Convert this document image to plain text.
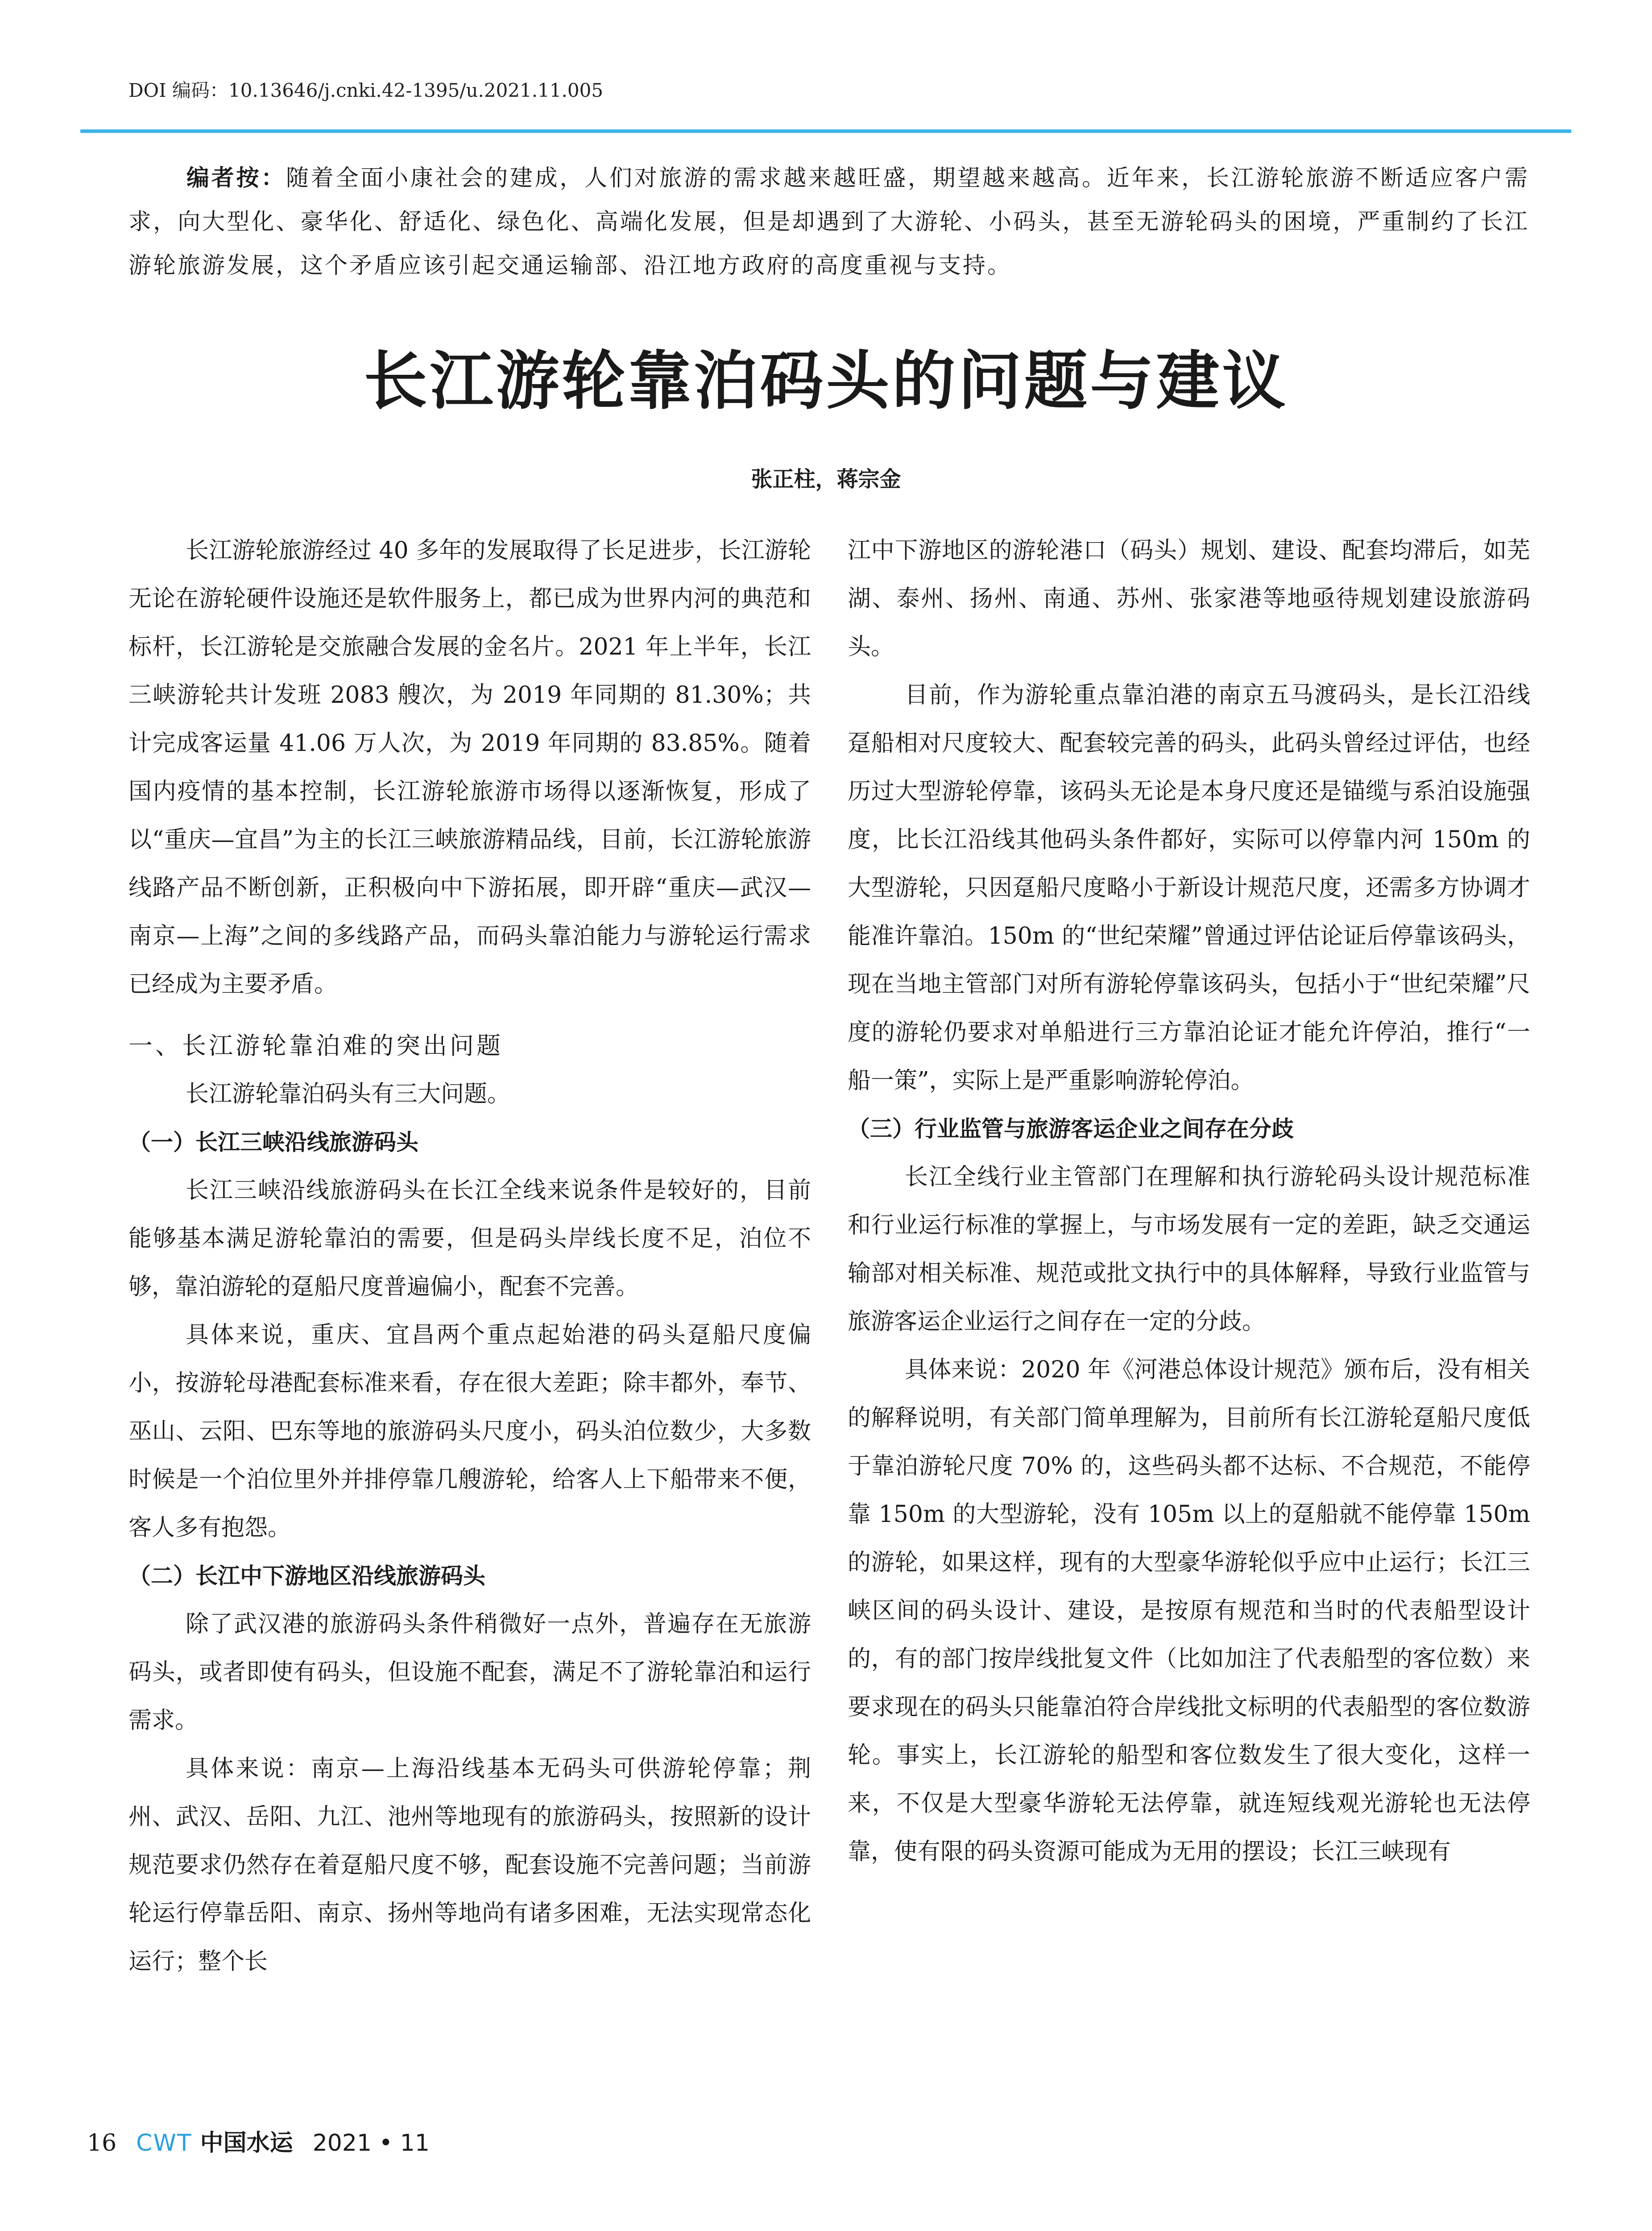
DOI 编码：10.13646/j.cnki.42-1395/u.2021.11.005
编者按：随着全面小康社会的建成，人们对旅游的需求越来越旺盛，期望越来越高。近年来，长江游轮旅游不断适应客户需求，向大型化、豪华化、舒适化、绿色化、高端化发展，但是却遇到了大游轮、小码头，甚至无游轮码头的困境，严重制约了长江游轮旅游发展，这个矛盾应该引起交通运输部、沿江地方政府的高度重视与支持。
长江游轮靠泊码头的问题与建议
张正柱，蒋宗金

长江游轮旅游经过 40 多年的发展取得了长足进步，长江游轮无论在游轮硬件设施还是软件服务上，都已成为世界内河的典范和标杆，长江游轮是交旅融合发展的金名片。2021 年上半年，长江三峡游轮共计发班 2083 艘次，为 2019 年同期的 81.30%；共计完成客运量 41.06 万人次，为 2019 年同期的 83.85%。随着国内疫情的基本控制，长江游轮旅游市场得以逐渐恢复，形成了以“重庆—宜昌”为主的长江三峡旅游精品线，目前，长江游轮旅游线路产品不断创新，正积极向中下游拓展，即开辟“重庆—武汉—南京—上海”之间的多线路产品，而码头靠泊能力与游轮运行需求已经成为主要矛盾。

一、长江游轮靠泊难的突出问题

长江游轮靠泊码头有三大问题。

（一）长江三峡沿线旅游码头

长江三峡沿线旅游码头在长江全线来说条件是较好的，目前能够基本满足游轮靠泊的需要，但是码头岸线长度不足，泊位不够，靠泊游轮的趸船尺度普遍偏小，配套不完善。

具体来说，重庆、宜昌两个重点起始港的码头趸船尺度偏小，按游轮母港配套标准来看，存在很大差距；除丰都外，奉节、巫山、云阳、巴东等地的旅游码头尺度小，码头泊位数少，大多数时候是一个泊位里外并排停靠几艘游轮，给客人上下船带来不便，客人多有抱怨。

（二）长江中下游地区沿线旅游码头

除了武汉港的旅游码头条件稍微好一点外，普遍存在无旅游码头，或者即使有码头，但设施不配套，满足不了游轮靠泊和运行需求。

具体来说：南京—上海沿线基本无码头可供游轮停靠；荆州、武汉、岳阳、九江、池州等地现有的旅游码头，按照新的设计规范要求仍然存在着趸船尺度不够，配套设施不完善问题；当前游轮运行停靠岳阳、南京、扬州等地尚有诸多困难，无法实现常态化运行；整个长

江中下游地区的游轮港口（码头）规划、建设、配套均滞后，如芜湖、泰州、扬州、南通、苏州、张家港等地亟待规划建设旅游码头。

目前，作为游轮重点靠泊港的南京五马渡码头，是长江沿线趸船相对尺度较大、配套较完善的码头，此码头曾经过评估，也经历过大型游轮停靠，该码头无论是本身尺度还是锚缆与系泊设施强度，比长江沿线其他码头条件都好，实际可以停靠内河 150m 的大型游轮，只因趸船尺度略小于新设计规范尺度，还需多方协调才能准许靠泊。150m 的“世纪荣耀”曾通过评估论证后停靠该码头，现在当地主管部门对所有游轮停靠该码头，包括小于“世纪荣耀”尺度的游轮仍要求对单船进行三方靠泊论证才能允许停泊，推行“一船一策”，实际上是严重影响游轮停泊。

（三）行业监管与旅游客运企业之间存在分歧

长江全线行业主管部门在理解和执行游轮码头设计规范标准和行业运行标准的掌握上，与市场发展有一定的差距，缺乏交通运输部对相关标准、规范或批文执行中的具体解释，导致行业监管与旅游客运企业运行之间存在一定的分歧。

具体来说：2020 年《河港总体设计规范》颁布后，没有相关的解释说明，有关部门简单理解为，目前所有长江游轮趸船尺度低于靠泊游轮尺度 70% 的，这些码头都不达标、不合规范，不能停靠 150m 的大型游轮，没有 105m 以上的趸船就不能停靠 150m 的游轮，如果这样，现有的大型豪华游轮似乎应中止运行；长江三峡区间的码头设计、建设，是按原有规范和当时的代表船型设计的，有的部门按岸线批复文件（比如加注了代表船型的客位数）来要求现在的码头只能靠泊符合岸线批文标明的代表船型的客位数游轮。事实上，长江游轮的船型和客位数发生了很大变化，这样一来，不仅是大型豪华游轮无法停靠，就连短线观光游轮也无法停靠，使有限的码头资源可能成为无用的摆设；长江三峡现有

16 CWT 中国水运 2021 • 11
